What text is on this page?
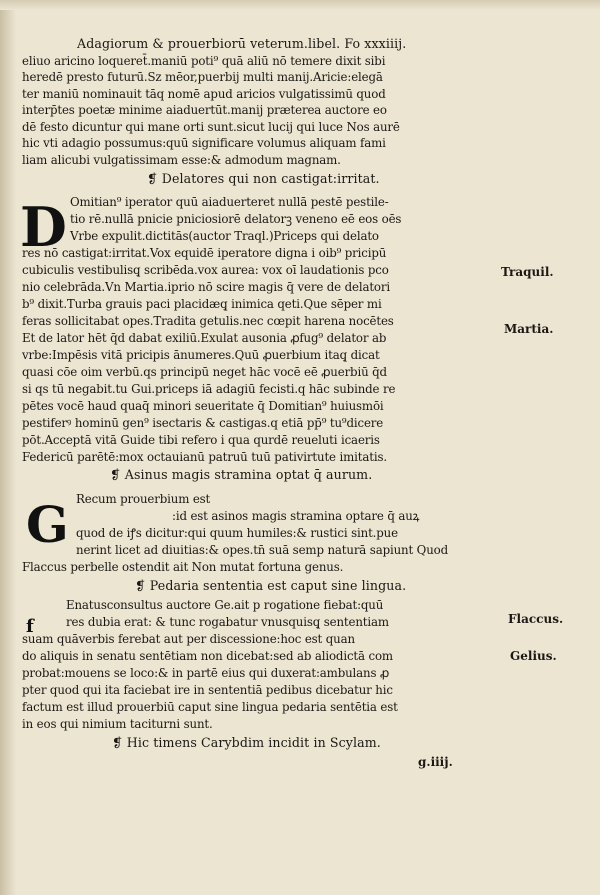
Adagiorum & prouerbiorū veterum.libel. Fo xxxiiij.
eliuo aricino loqueret̄.maniū poti⁹ quā aliū nō temere dixit sibi
heredē presto futurū.Sz mēor,puerbij multi manij.Aricie:elegā
ter maniū nominauit tāq nomē apud aricios vulgatissimū quod
interp̄tes poetæ minime aiaduertūt.manij præterea auctore eo
dē festo dicuntur qui mane orti sunt.sicut lucij qui luce Nos aurē
hic vti adagio possumus:quū significare volumus aliquam fami
liam alicubi vulgatissimam esse:& admodum magnam.
❡ Delatores qui non castigat:irritat.
D Omitian⁹ iperator quū aiaduerteret nullā pestē pestile-
tio rē.nullā pnicie pniciosiorē delatorꝫ veneno eē eos oēs
Vrbe expulit.dictitās(auctor Traql.)Priceps qui delato
res nō castigat:irritat.Vox equidē iperatore digna i oib⁹ pricipū
cubiculis vestibulisq̧ scribēda.vox aurea: vox oī laudationis pco
nio celebrāda.Vn Martia.iprio nō scire magis q̄ vere de delatori
b⁹ dixit.Turba grauis paci placidæq̧ inimica qeti.Que sēper mi
feras sollicitabat opes.Tradita getulis.nec cœpit harena nocētes
Et de lator hēt q̄d dabat exiliū.Exulat ausonia ꝓfug⁹ delator ab
vrbe:Impēsis vitā pricipis ānumeres.Quū ꝓuerbium itaq̧ dicat
quasi cōe oim verbū.qs principū neget hāc vocē eē ꝓuerbiū q̄d
si qs tū negabit.tu Gui.priceps iā adagiū fecisti.q hāc subinde re
pētes vocē haud quaq̄ minori seueritate q̄ Domitian⁹ huiusmōi
pestiferꝰ hominū gen⁹ isectaris & castigas.q etiā pp̄⁹ tu⁹dicere
pōt.Acceptā vitā Guide tibi refero i qua qurdē reueluti icaeris
Federicū parētē:mox octauianū patruū tuū pativirtute imitatis.
❡ Asinus magis stramina optat q̄ aurum.
G Recum prouerbium est
:id est asinos magis stramina optare q̄ auꝝ
quod de iꝭs dicitur:qui quum humiles:& rustici sint.pue
nerint licet ad diuitias:& opes.tn̄ suā semp naturā sapiunt Quod
Flaccus perbelle ostendit ait Non mutat fortuna genus.
❡ Pedaria sententia est caput sine lingua.
f
Enatusconsultus auctore Ge.ait p rogatione fiebat:quū
res dubia erat: & tunc rogabatur vnusquisq̧ sententiam
suam quāverbis ferebat aut per discessione:hoc est quan
do aliquis in senatu sentētiam non dicebat:sed ab aliodictā com
probat:mouens se loco:& in partē eius qui duxerat:ambulans ꝓ
pter quod qui ita faciebat ire in sententiā pedibus dicebatur hic
factum est illud prouerbiū caput sine lingua pedaria sentētia est
in eos qui nimium taciturni sunt.
❡ Hic timens Carybdim incidit in Scylam.
Traquil.
Martia.
Flaccus.
Gelius.
g.iiij.
